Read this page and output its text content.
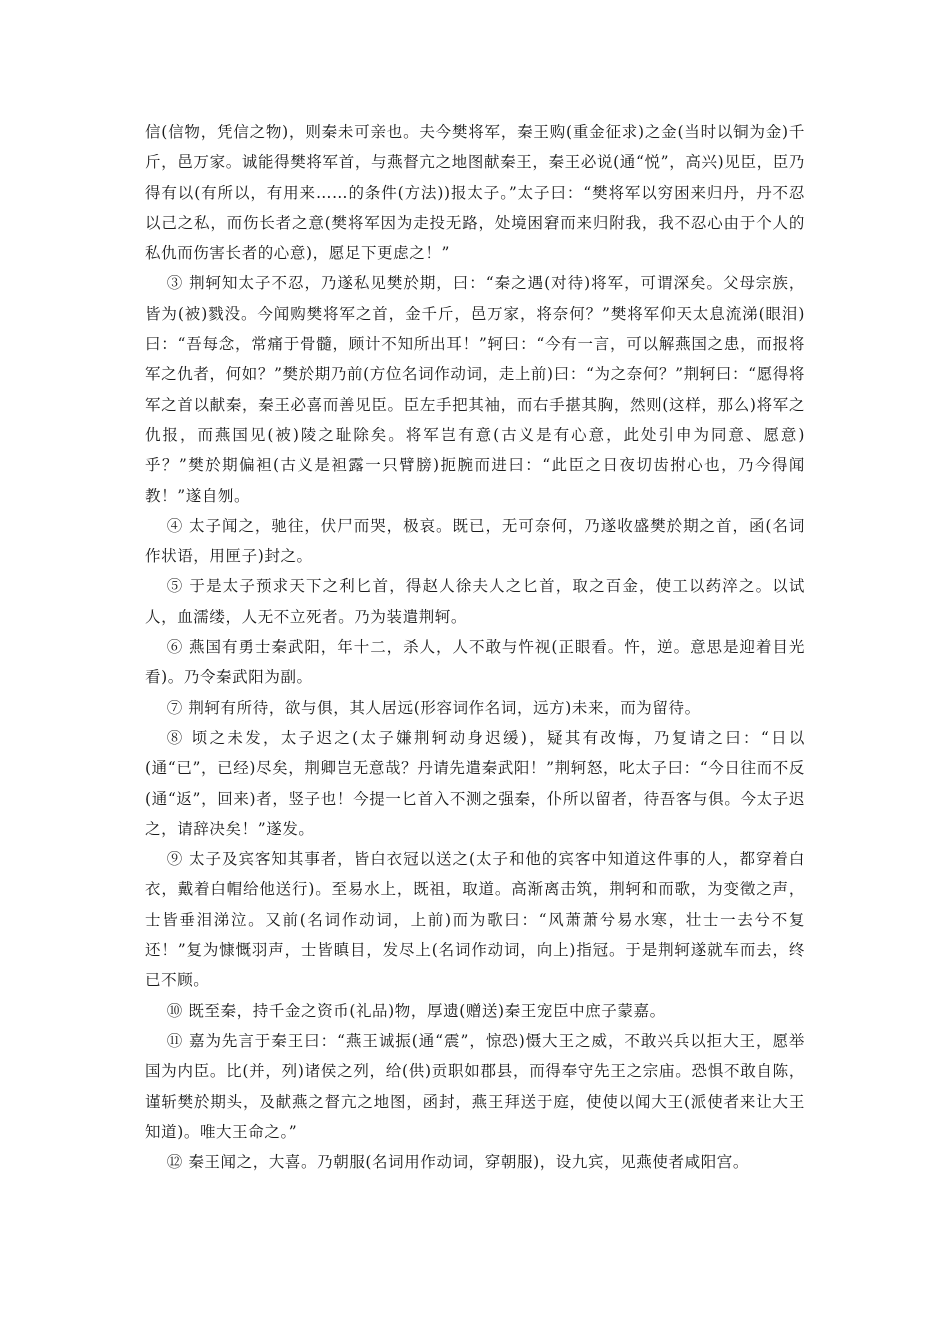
信(信物，凭信之物)，则秦未可亲也。夫今樊将军，秦王购(重金征求)之金(当时以铜为金)千斤，邑万家。诚能得樊将军首，与燕督亢之地图献秦王，秦王必说(通“悦”，高兴)见臣，臣乃得有以(有所以，有用来……的条件(方法))报太子。”太子曰：“樊将军以穷困来归丹，丹不忍以己之私，而伤长者之意(樊将军因为走投无路，处境困窘而来归附我，我不忍心由于个人的私仇而伤害长者的心意)，愿足下更虑之！”

③ 荆轲知太子不忍，乃遂私见樊於期，曰：“秦之遇(对待)将军，可谓深矣。父母宗族，皆为(被)戮没。今闻购樊将军之首，金千斤，邑万家，将奈何？”樊将军仰天太息流涕(眼泪)曰：“吾每念，常痛于骨髓，顾计不知所出耳！”轲曰：“今有一言，可以解燕国之患，而报将军之仇者，何如？”樊於期乃前(方位名词作动词，走上前)曰：“为之奈何？”荆轲曰：“愿得将军之首以献秦，秦王必喜而善见臣。臣左手把其袖，而右手揕其胸，然则(这样，那么)将军之仇报，而燕国见(被)陵之耻除矣。将军岂有意(古义是有心意，此处引申为同意、愿意)乎？”樊於期偏袒(古义是袒露一只臂膀)扼腕而进曰：“此臣之日夜切齿拊心也，乃今得闻教！”遂自刎。

④ 太子闻之，驰往，伏尸而哭，极哀。既已，无可奈何，乃遂收盛樊於期之首，函(名词作状语，用匣子)封之。

⑤ 于是太子预求天下之利匕首，得赵人徐夫人之匕首，取之百金，使工以药淬之。以试人，血濡缕，人无不立死者。乃为装遣荆轲。

⑥ 燕国有勇士秦武阳，年十二，杀人，人不敢与忤视(正眼看。忤，逆。意思是迎着目光看)。乃令秦武阳为副。

⑦ 荆轲有所待，欲与俱，其人居远(形容词作名词，远方)未来，而为留待。

⑧ 顷之未发，太子迟之(太子嫌荆轲动身迟缓)，疑其有改悔，乃复请之曰：“日以(通“已”，已经)尽矣，荆卿岂无意哉？丹请先遣秦武阳！”荆轲怒，叱太子曰：“今日往而不反(通“返”，回来)者，竖子也！今提一匕首入不测之强秦，仆所以留者，待吾客与俱。今太子迟之，请辞决矣！”遂发。

⑨ 太子及宾客知其事者，皆白衣冠以送之(太子和他的宾客中知道这件事的人，都穿着白衣，戴着白帽给他送行)。至易水上，既祖，取道。高渐离击筑，荆轲和而歌，为变徵之声，士皆垂泪涕泣。又前(名词作动词，上前)而为歌曰：“风萧萧兮易水寒，壮士一去兮不复还！”复为慷慨羽声，士皆瞋目，发尽上(名词作动词，向上)指冠。于是荆轲遂就车而去，终已不顾。

⑩ 既至秦，持千金之资币(礼品)物，厚遗(赠送)秦王宠臣中庶子蒙嘉。

⑪ 嘉为先言于秦王曰：“燕王诚振(通“震”，惊恐)慑大王之威，不敢兴兵以拒大王，愿举国为内臣。比(并，列)诸侯之列，给(供)贡职如郡县，而得奉守先王之宗庙。恐惧不敢自陈，谨斩樊於期头，及献燕之督亢之地图，函封，燕王拜送于庭，使使以闻大王(派使者来让大王知道)。唯大王命之。”

⑫ 秦王闻之，大喜。乃朝服(名词用作动词，穿朝服)，设九宾，见燕使者咸阳宫。
